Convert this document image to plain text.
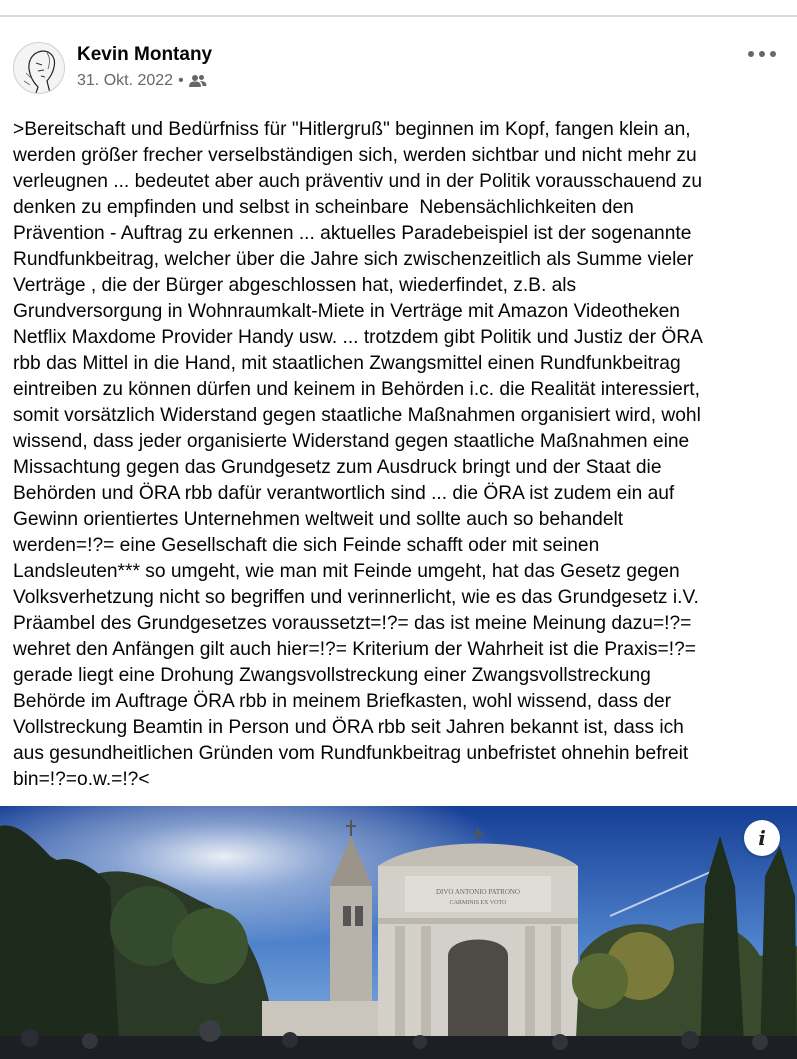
Kevin Montany
31. Okt. 2022 •
>Bereitschaft und Bedürfniss für "Hitlergruß" beginnen im Kopf, fangen klein an,
werden größer frecher verselbständigen sich, werden sichtbar und nicht mehr zu
verleugnen ... bedeutet aber auch präventiv und in der Politik vorausschauend zu
denken zu empfinden und selbst in scheinbare  Nebensächlichkeiten den
Prävention - Auftrag zu erkennen ... aktuelles Paradebeispiel ist der sogenannte
Rundfunkbeitrag, welcher über die Jahre sich zwischenzeitlich als Summe vieler
Verträge , die der Bürger abgeschlossen hat, wiederfindet, z.B. als
Grundversorgung in Wohnraumkalt-Miete in Verträge mit Amazon Videotheken
Netflix Maxdome Provider Handy usw. ... trotzdem gibt Politik und Justiz der ÖRA
rbb das Mittel in die Hand, mit staatlichen Zwangsmittel einen Rundfunkbeitrag
eintreiben zu können dürfen und keinem in Behörden i.c. die Realität interessiert,
somit vorsätzlich Widerstand gegen staatliche Maßnahmen organisiert wird, wohl
wissend, dass jeder organisierte Widerstand gegen staatliche Maßnahmen eine
Missachtung gegen das Grundgesetz zum Ausdruck bringt und der Staat die
Behörden und ÖRA rbb dafür verantwortlich sind ... die ÖRA ist zudem ein auf
Gewinn orientiertes Unternehmen weltweit und sollte auch so behandelt
werden=!?= eine Gesellschaft die sich Feinde schafft oder mit seinen
Landsleuten*** so umgeht, wie man mit Feinde umgeht, hat das Gesetz gegen
Volksverhetzung nicht so begriffen und verinnerlicht, wie es das Grundgesetz i.V.
Präambel des Grundgesetzes voraussetzt=!?= das ist meine Meinung dazu=!?=
wehret den Anfängen gilt auch hier=!?= Kriterium der Wahrheit ist die Praxis=!?=
gerade liegt eine Drohung Zwangsvollstreckung einer Zwangsvollstreckung
Behörde im Auftrage ÖRA rbb in meinem Briefkasten, wohl wissend, dass der
Vollstreckung Beamtin in Person und ÖRA rbb seit Jahren bekannt ist, dass ich
aus gesundheitlichen Gründen vom Rundfunkbeitrag unbefristet ohnehin befreit
bin=!?=o.w.=!?<
DIVO ANTONIO PATRONO
CARMINIS EX VOTO
i
